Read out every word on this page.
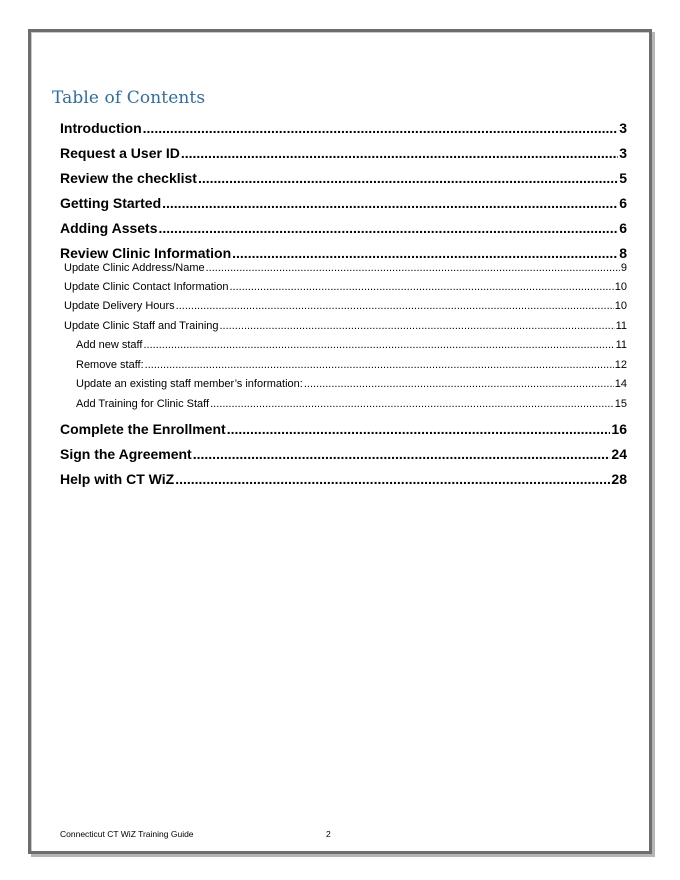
Table of Contents
Introduction .....	3
Request a User ID .....	3
Review the checklist .....	5
Getting Started .....	6
Adding Assets .....	6
Review Clinic Information .....	8
Update Clinic Address/Name .....	9
Update Clinic Contact Information .....	10
Update Delivery Hours .....	10
Update Clinic Staff and Training .....	11
Add new staff .....	11
Remove staff: .....	12
Update an existing staff member’s information: .....	14
Add Training for Clinic Staff .....	15
Complete the Enrollment .....	16
Sign the Agreement .....	24
Help with CT WiZ .....	28
Connecticut CT WiZ Training Guide	2
